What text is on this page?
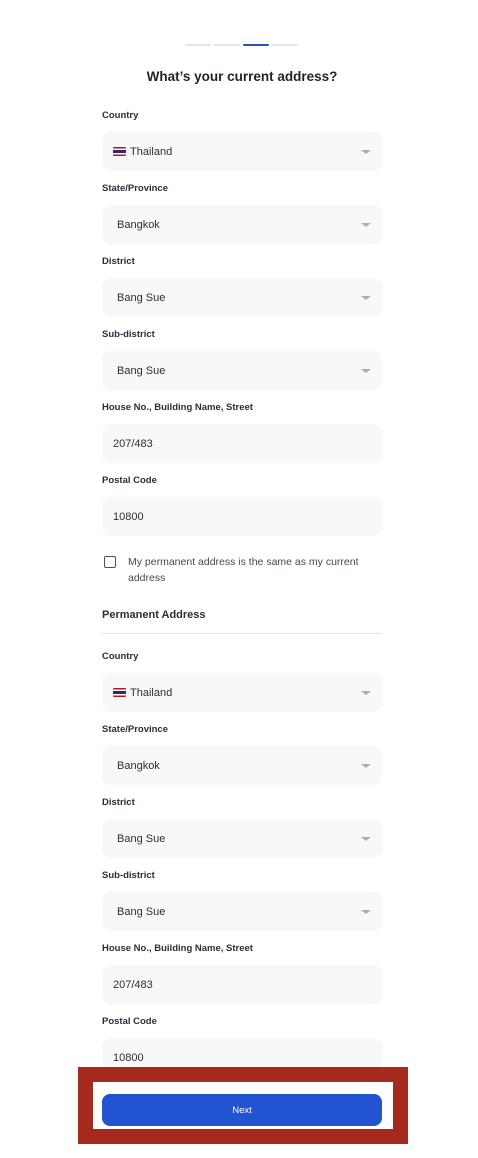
What’s your current address?
Country
Thailand
State/Province
Bangkok
District
Bang Sue
Sub-district
Bang Sue
House No., Building Name, Street
207/483
Postal Code
10800
My permanent address is the same as my current
address
Permanent Address
Country
Thailand
State/Province
Bangkok
District
Bang Sue
Sub-district
Bang Sue
House No., Building Name, Street
207/483
Postal Code
10800
Next
